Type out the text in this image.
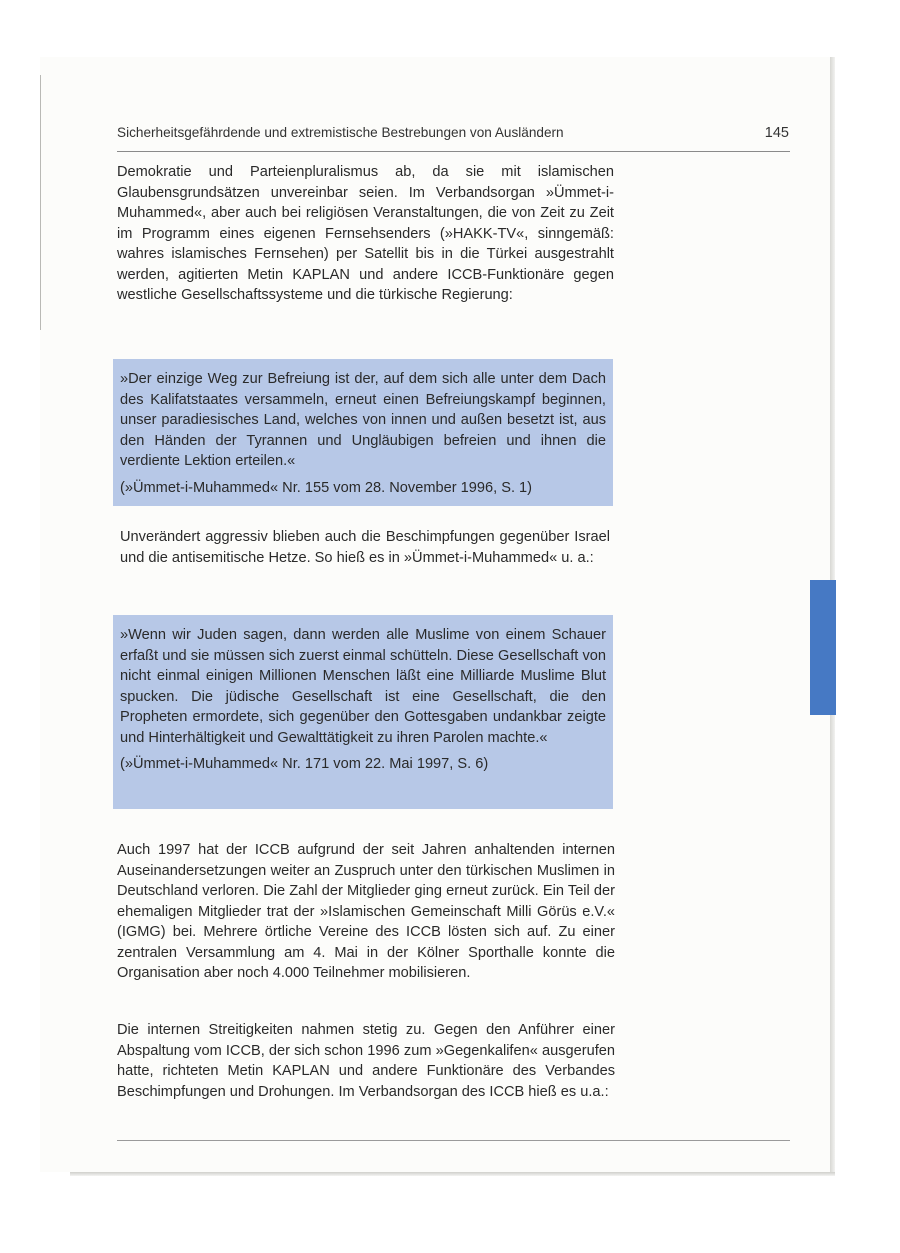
Sicherheitsgefährdende und extremistische Bestrebungen von Ausländern	145

Demokratie und Parteienpluralismus ab, da sie mit islamischen Glaubensgrundsätzen unvereinbar seien. Im Verbandsorgan »Ümmet-i-Muhammed«, aber auch bei religiösen Veranstaltungen, die von Zeit zu Zeit im Programm eines eigenen Fernsehsenders (»HAKK-TV«, sinngemäß: wahres islamisches Fernsehen) per Satellit bis in die Türkei ausgestrahlt werden, agitierten Metin KAPLAN und andere ICCB-Funktionäre gegen westliche Gesellschaftssysteme und die türkische Regierung:

»Der einzige Weg zur Befreiung ist der, auf dem sich alle unter dem Dach des Kalifatstaates versammeln, erneut einen Befreiungskampf beginnen, unser paradiesisches Land, welches von innen und außen besetzt ist, aus den Händen der Tyrannen und Ungläubigen befreien und ihnen die verdiente Lektion erteilen.«

(»Ümmet-i-Muhammed« Nr. 155 vom 28. November 1996, S. 1)

Unverändert aggressiv blieben auch die Beschimpfungen gegenüber Israel und die antisemitische Hetze. So hieß es in »Ümmet-i-Muhammed« u. a.:

»Wenn wir Juden sagen, dann werden alle Muslime von einem Schauer erfaßt und sie müssen sich zuerst einmal schütteln. Diese Gesellschaft von nicht einmal einigen Millionen Menschen läßt eine Milliarde Muslime Blut spucken. Die jüdische Gesellschaft ist eine Gesellschaft, die den Propheten ermordete, sich gegenüber den Gottesgaben undankbar zeigte und Hinterhältigkeit und Gewalttätigkeit zu ihren Parolen machte.«

(»Ümmet-i-Muhammed« Nr. 171 vom 22. Mai 1997, S. 6)

Auch 1997 hat der ICCB aufgrund der seit Jahren anhaltenden internen Auseinandersetzungen weiter an Zuspruch unter den türkischen Muslimen in Deutschland verloren. Die Zahl der Mitglieder ging erneut zurück. Ein Teil der ehemaligen Mitglieder trat der »Islamischen Gemeinschaft Milli Görüs e.V.« (IGMG) bei. Mehrere örtliche Vereine des ICCB lösten sich auf. Zu einer zentralen Versammlung am 4. Mai in der Kölner Sporthalle konnte die Organisation aber noch 4.000 Teilnehmer mobilisieren.

Die internen Streitigkeiten nahmen stetig zu. Gegen den Anführer einer Abspaltung vom ICCB, der sich schon 1996 zum »Gegenkalifen« ausgerufen hatte, richteten Metin KAPLAN und andere Funktionäre des Verbandes Beschimpfungen und Drohungen. Im Verbandsorgan des ICCB hieß es u.a.:
